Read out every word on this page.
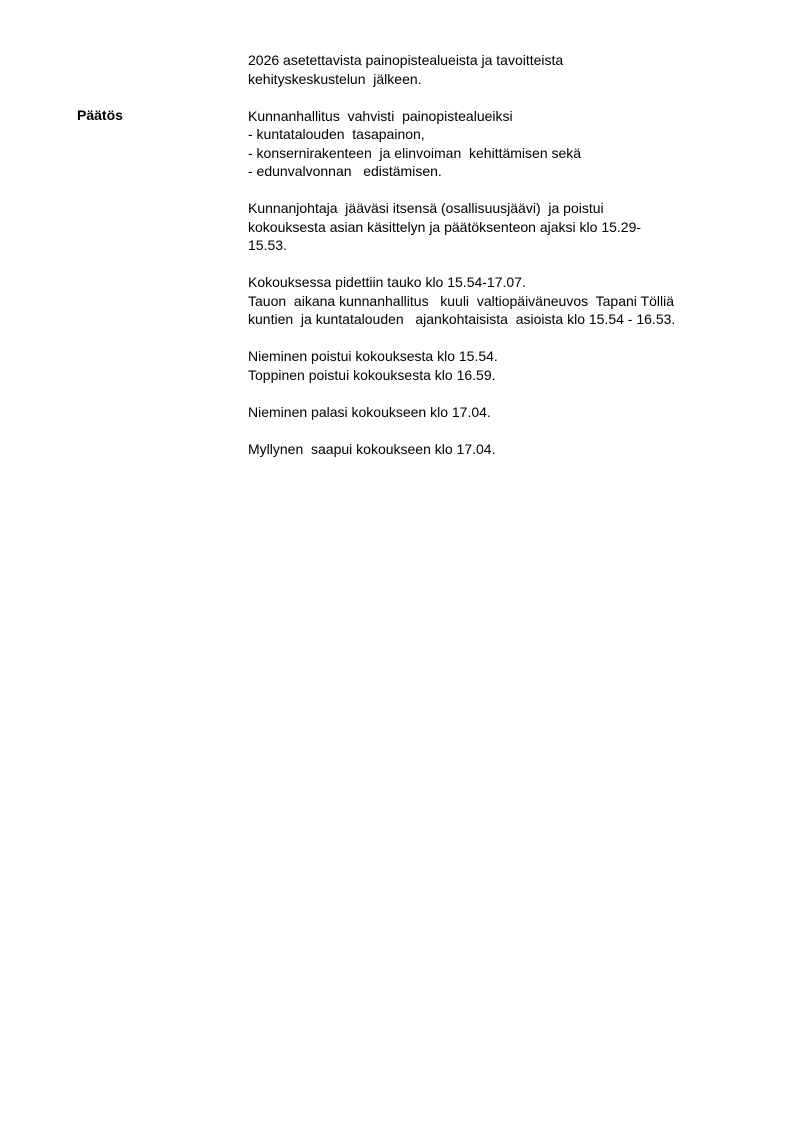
Päätös
2026 asetettavista painopistealueista ja tavoitteista
kehityskeskustelun  jälkeen.
Kunnanhallitus  vahvisti  painopistealueiksi
- kuntatalouden  tasapainon,
- konsernirakenteen  ja elinvoiman  kehittämisen sekä
- edunvalvonnan   edistämisen.
Kunnanjohtaja  jääväsi itsensä (osallisuusjäävi)  ja poistui
kokouksesta asian käsittelyn ja päätöksenteon ajaksi klo 15.29-
15.53.
Kokouksessa pidettiin tauko klo 15.54-17.07.
Tauon  aikana kunnanhallitus   kuuli  valtiopäiväneuvos  Tapani Tölliä
kuntien  ja kuntatalouden   ajankohtaisista  asioista klo 15.54 - 16.53.
Nieminen poistui kokouksesta klo 15.54.
Toppinen poistui kokouksesta klo 16.59.
Nieminen palasi kokoukseen klo 17.04.
Myllynen  saapui kokoukseen klo 17.04.
